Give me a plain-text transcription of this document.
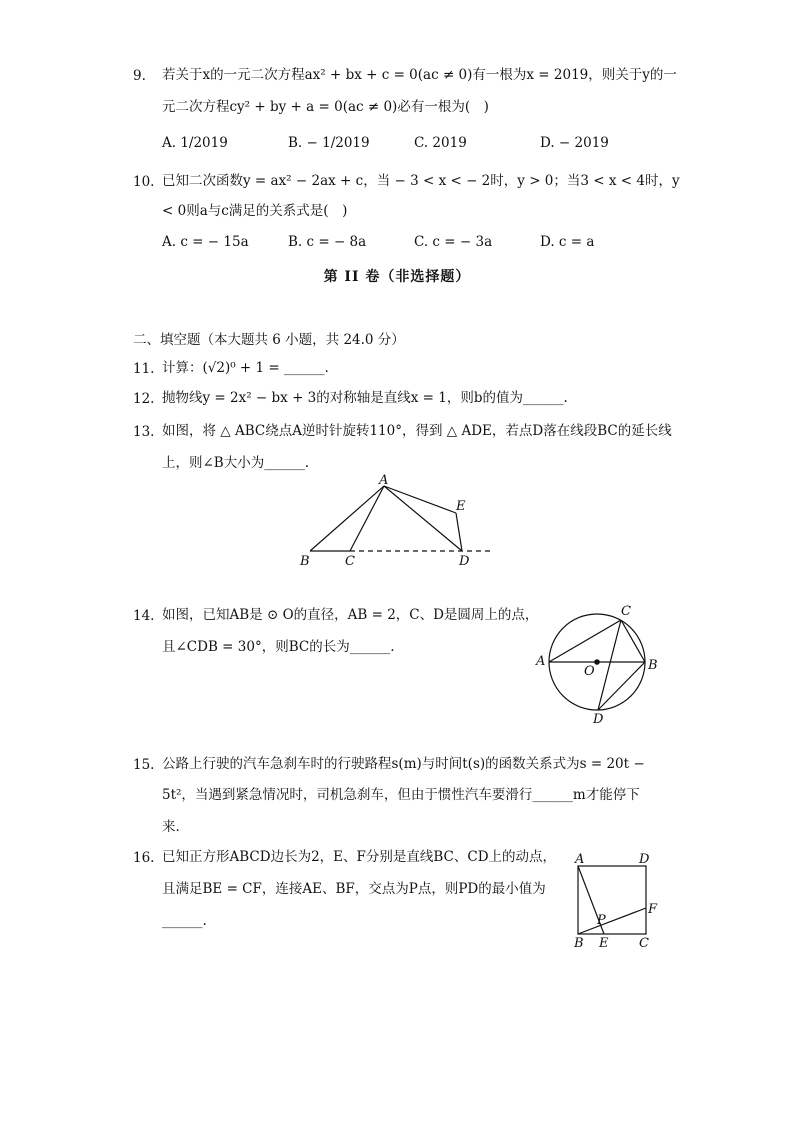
9. 若关于x的一元二次方程ax² + bx + c = 0(ac ≠ 0)有一根为x = 2019，则关于y的一
元二次方程cy² + by + a = 0(ac ≠ 0)必有一根为(　)
A. 1/2019	B. − 1/2019	C. 2019	D. − 2019
10. 已知二次函数y = ax² − 2ax + c，当 − 3 < x < − 2时，y > 0；当3 < x < 4时，y
< 0则a与c满足的关系式是(　)
A. c = − 15a	B. c = − 8a	C. c = − 3a	D. c = a
第 II 卷（非选择题）
二、填空题（本大题共 6 小题，共 24.0 分）
11. 计算：(√2)⁰ + 1 = ______.
12. 抛物线y = 2x² − bx + 3的对称轴是直线x = 1，则b的值为______.
13. 如图，将 △ ABC绕点A逆时针旋转110°，得到 △ ADE，若点D落在线段BC的延长线
上，则∠B大小为______.
A
B	C	D
E
14. 如图，已知AB是 ⊙ O的直径，AB = 2，C、D是圆周上的点，
且∠CDB = 30°，则BC的长为______.
C
A	B
O
D
15. 公路上行驶的汽车急刹车时的行驶路程s(m)与时间t(s)的函数关系式为s = 20t −
5t²，当遇到紧急情况时，司机急刹车，但由于惯性汽车要滑行______m才能停下
来.
16. 已知正方形ABCD边长为2，E、F分别是直线BC、CD上的动点，
且满足BE = CF，连接AE、BF，交点为P点，则PD的最小值为
______.
A	D
F
P
B E C
